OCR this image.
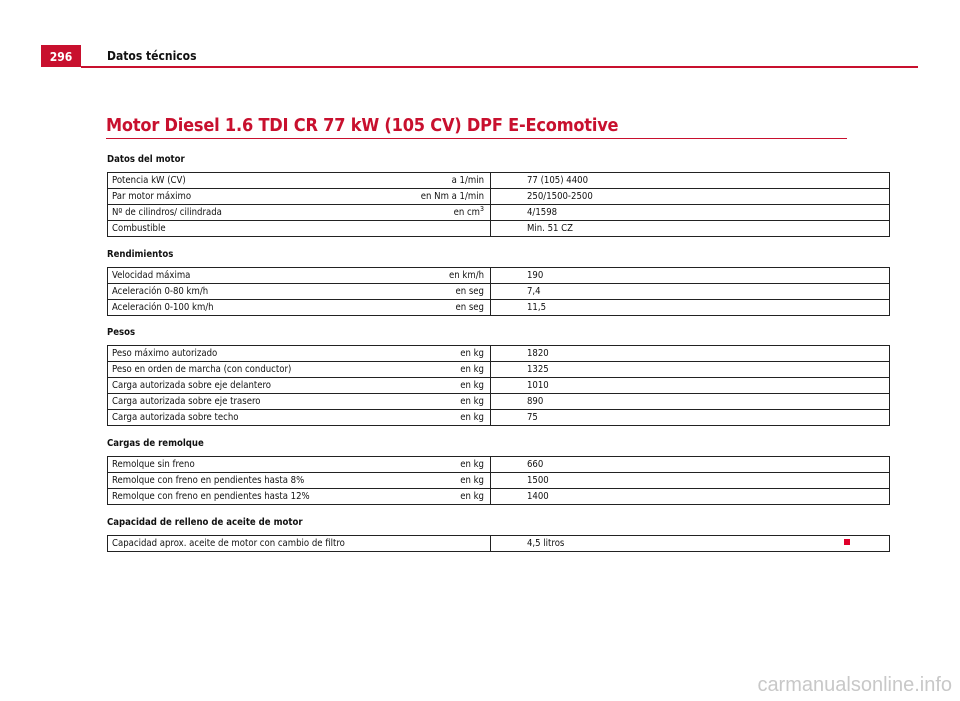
296	Datos técnicos
Motor Diesel 1.6 TDI CR 77 kW (105 CV) DPF E-Ecomotive
Datos del motor
Potencia kW (CV) a 1/min	77 (105) 4400
Par motor máximo en Nm a 1/min	250/1500-2500
Nº de cilindros/ cilindrada en $cm^3$	4/1598
Combustible	Min. 51 CZ
Rendimientos
Velocidad máxima en km/h	190
Aceleración 0-80 km/h en seg	7,4
Aceleración 0-100 km/h en seg	11,5
Pesos
Peso máximo autorizado en kg	1820
Peso en orden de marcha (con conductor) en kg	1325
Carga autorizada sobre eje delantero en kg	1010
Carga autorizada sobre eje trasero en kg	890
Carga autorizada sobre techo en kg	75
Cargas de remolque
Remolque sin freno en kg	660
Remolque con freno en pendientes hasta 8% en kg	1500
Remolque con freno en pendientes hasta 12% en kg	1400
Capacidad de relleno de aceite de motor
Capacidad aprox. aceite de motor con cambio de filtro	4,5 litros
carmanualsonline.info
